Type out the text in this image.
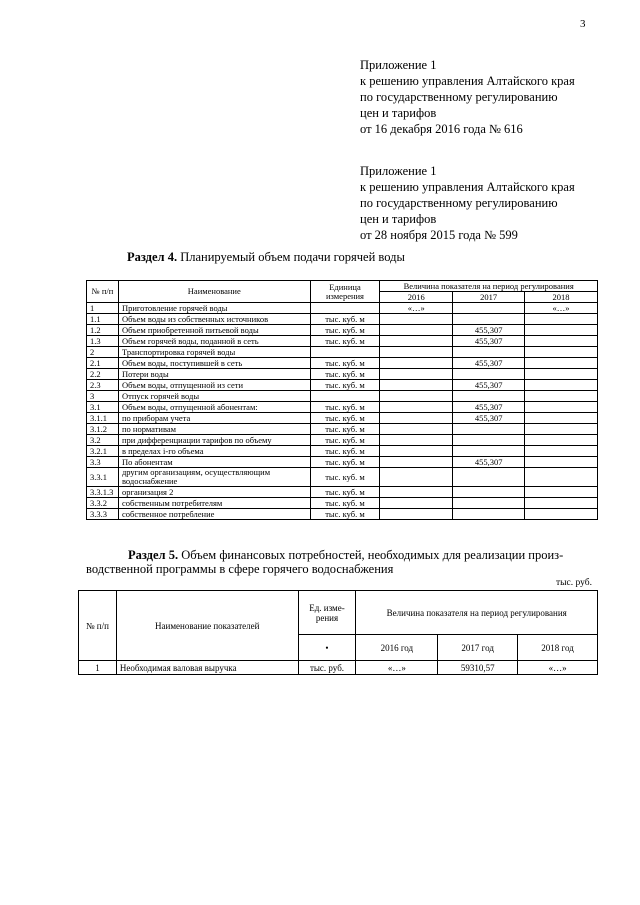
3
Приложение 1
к решению управления Алтайского края
по государственному регулированию
цен и тарифов
от 16 декабря 2016 года № 616
Приложение 1
к решению управления Алтайского края
по государственному регулированию
цен и тарифов
от 28 ноября 2015 года № 599
Раздел 4. Планируемый объем подачи горячей воды
№ п/п	Наименование	Единица измерения	Величина показателя на период регулирования		
			2016	2017	2018
1	Приготовление горячей воды		«…»		«…»
1.1	Объем воды из собственных источников	тыс. куб. м			
1.2	Объем приобретенной питьевой воды	тыс. куб. м		455,307	
1.3	Объем горячей воды, поданной в сеть	тыс. куб. м		455,307	
2	Транспортировка горячей воды				
2.1	Объем воды, поступившей в сеть	тыс. куб. м		455,307	
2.2	Потери воды	тыс. куб. м			
2.3	Объем воды, отпущенной из сети	тыс. куб. м		455,307	
3	Отпуск горячей воды				
3.1	Объем воды, отпущенной абонентам:	тыс. куб. м		455,307	
3.1.1	по приборам учета	тыс. куб. м		455,307	
3.1.2	по нормативам	тыс. куб. м			
3.2	при дифференциации тарифов по объему	тыс. куб. м			
3.2.1	в пределах i-го объема	тыс. куб. м			
3.3	По абонентам	тыс. куб. м		455,307	
3.3.1	другим организациям, осуществляющим водоснабжение	тыс. куб. м			
3.3.1.3	организация 2	тыс. куб. м			
3.3.2	собственным потребителям	тыс. куб. м			
3.3.3	собственное потребление	тыс. куб. м			
Раздел 5. Объем финансовых потребностей, необходимых для реализации произ-
водственной программы в сфере горячего водоснабжения
тыс. руб.
№ п/п	Наименование показателей	Ед. изме-рения	Величина показателя на период регулирования		
		•	2016 год	2017 год	2018 год
1	Необходимая валовая выручка	тыс. руб.	«…»	59310,57	«…»
